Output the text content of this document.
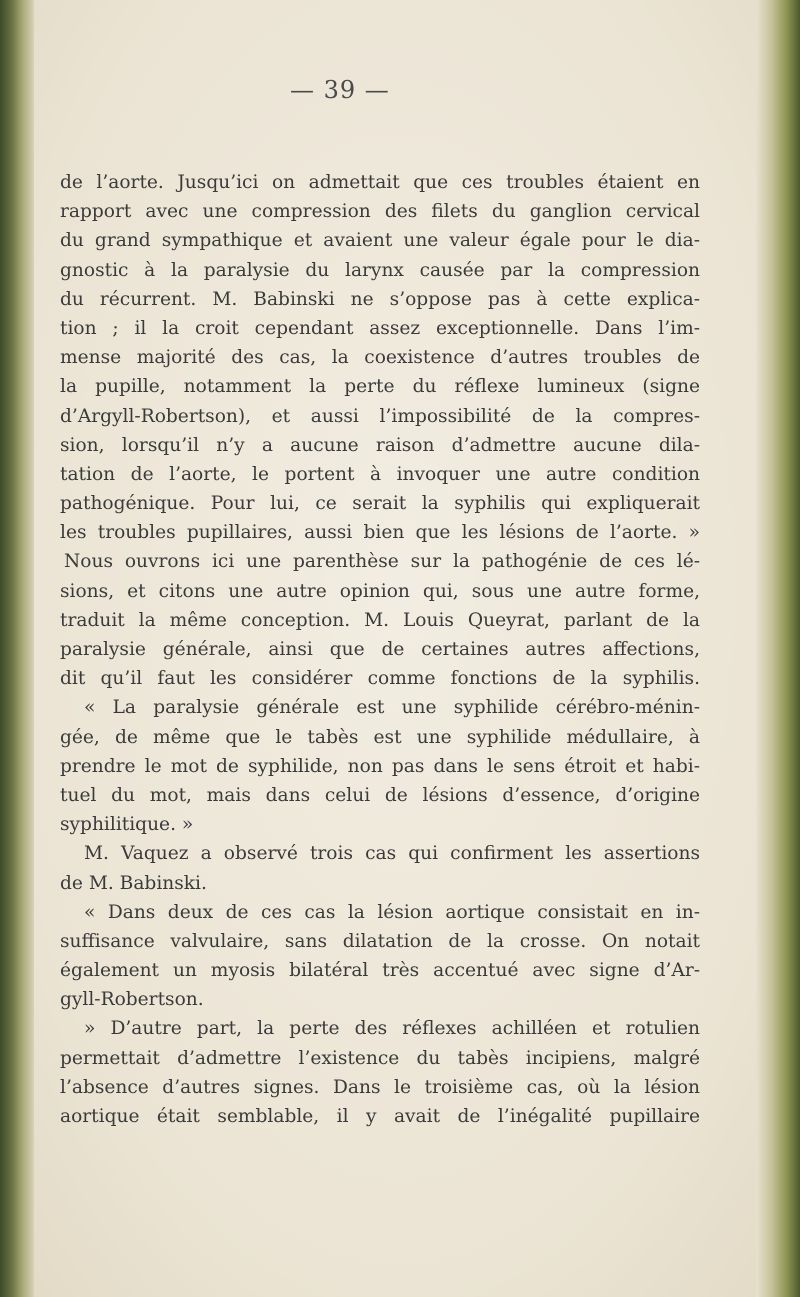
— 39 —
de l’aorte. Jusqu’ici on admettait que ces troubles étaient en
rapport avec une compression des filets du ganglion cervical
du grand sympathique et avaient une valeur égale pour le dia-
gnostic à la paralysie du larynx causée par la compression
du récurrent. M. Babinski ne s’oppose pas à cette explica-
tion ; il la croit cependant assez exceptionnelle. Dans l’im-
mense majorité des cas, la coexistence d’autres troubles de
la pupille, notamment la perte du réflexe lumineux (signe
d’Argyll-Robertson), et aussi l’impossibilité de la compres-
sion, lorsqu’il n’y a aucune raison d’admettre aucune dila-
tation de l’aorte, le portent à invoquer une autre condition
pathogénique. Pour lui, ce serait la syphilis qui expliquerait
les troubles pupillaires, aussi bien que les lésions de l’aorte. »
Nous ouvrons ici une parenthèse sur la pathogénie de ces lé-
sions, et citons une autre opinion qui, sous une autre forme,
traduit la même conception. M. Louis Queyrat, parlant de la
paralysie générale, ainsi que de certaines autres affections,
dit qu’il faut les considérer comme fonctions de la syphilis.
« La paralysie générale est une syphilide cérébro-ménin-
gée, de même que le tabès est une syphilide médullaire, à
prendre le mot de syphilide, non pas dans le sens étroit et habi-
tuel du mot, mais dans celui de lésions d’essence, d’origine
syphilitique. »
M. Vaquez a observé trois cas qui confirment les assertions
de M. Babinski.
« Dans deux de ces cas la lésion aortique consistait en in-
suffisance valvulaire, sans dilatation de la crosse. On notait
également un myosis bilatéral très accentué avec signe d’Ar-
gyll-Robertson.
» D’autre part, la perte des réflexes achilléen et rotulien
permettait d’admettre l’existence du tabès incipiens, malgré
l’absence d’autres signes. Dans le troisième cas, où la lésion
aortique était semblable, il y avait de l’inégalité pupillaire
